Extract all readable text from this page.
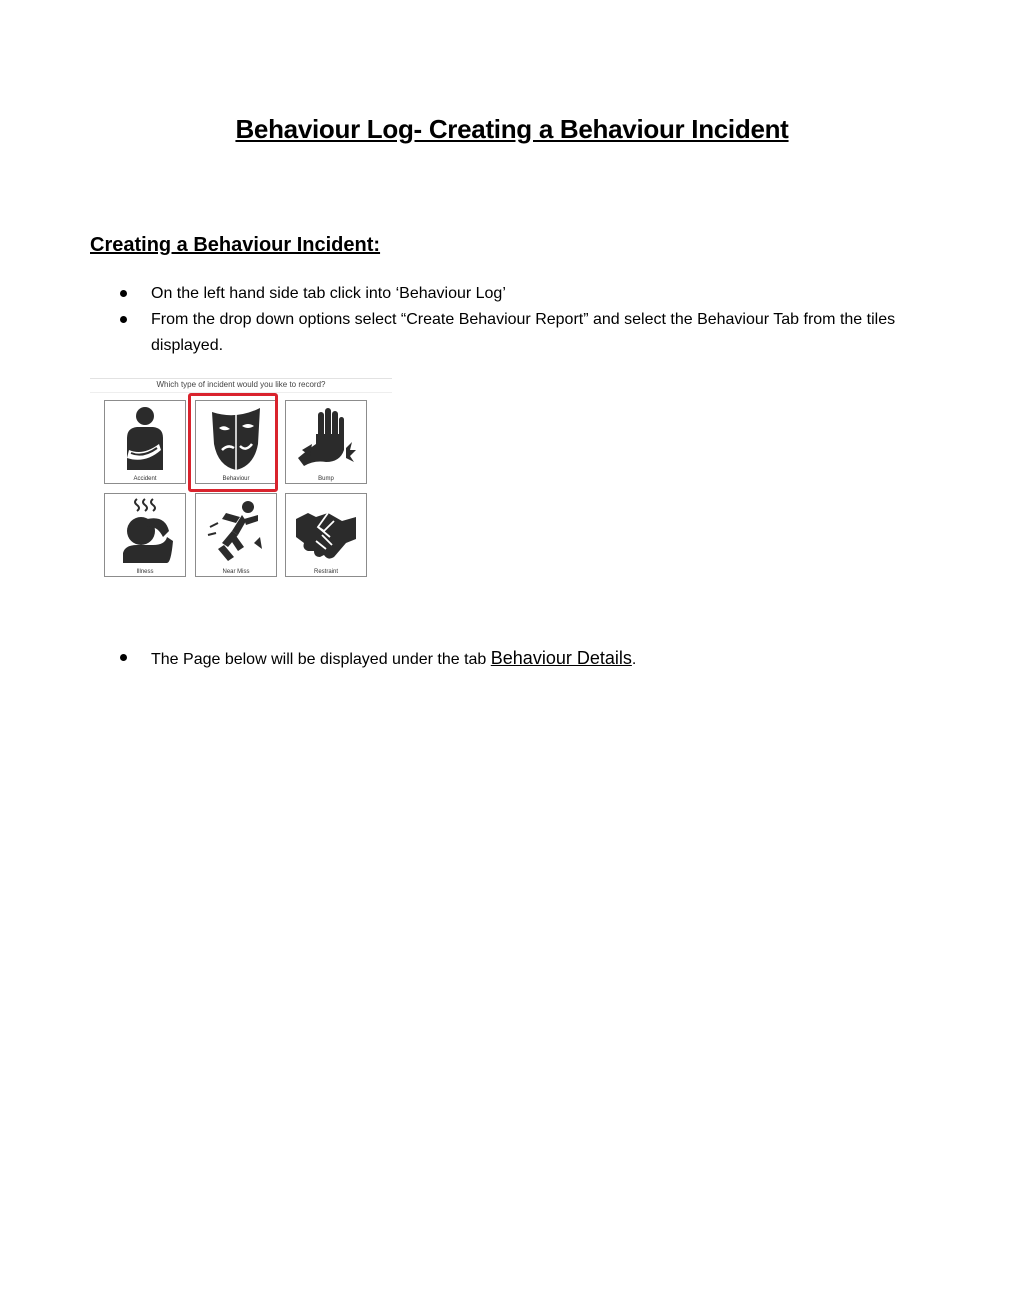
Behaviour Log- Creating a Behaviour Incident
Creating a Behaviour Incident:
On the left hand side tab click into ‘Behaviour Log’
From the drop down options select “Create Behaviour Report” and select the Behaviour Tab from the tiles displayed.
Which type of incident would you like to record?
Accident	Behaviour	Bump
Illness	Near Miss	Restraint
The Page below will be displayed under the tab Behaviour Details.
